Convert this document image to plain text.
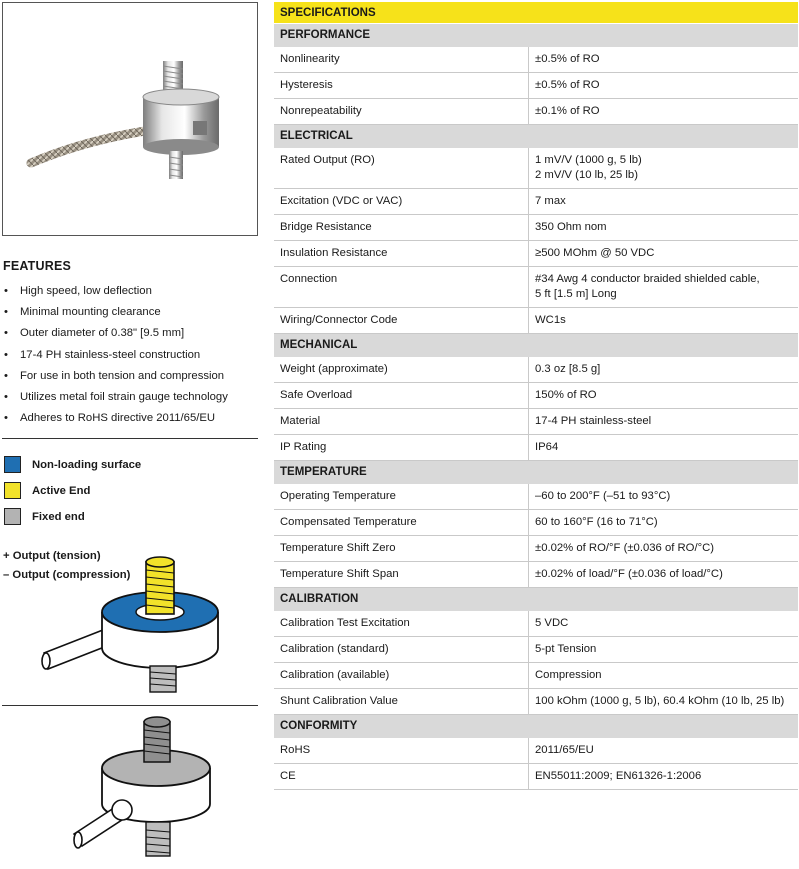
FEATURES
• High speed, low deflection
• Minimal mounting clearance
• Outer diameter of 0.38" [9.5 mm]
• 17-4 PH stainless-steel construction
• For use in both tension and compression
• Utilizes metal foil strain gauge technology
• Adheres to RoHS directive 2011/65/EU
Non-loading surface
Active End
Fixed end
+ Output (tension)
– Output (compression)
SPECIFICATIONS
PERFORMANCE
Nonlinearity	±0.5% of RO
Hysteresis	±0.5% of RO
Nonrepeatability	±0.1% of RO
ELECTRICAL
Rated Output (RO)	1 mV/V (1000 g, 5 lb)
2 mV/V (10 lb, 25 lb)
Excitation (VDC or VAC)	7 max
Bridge Resistance	350 Ohm nom
Insulation Resistance	≥500 MOhm @ 50 VDC
Connection	#34 Awg 4 conductor braided shielded cable,
5 ft [1.5 m] Long
Wiring/Connector Code	WC1s
MECHANICAL
Weight (approximate)	0.3 oz [8.5 g]
Safe Overload	150% of RO
Material	17-4 PH stainless-steel
IP Rating	IP64
TEMPERATURE
Operating Temperature	–60 to 200°F (–51 to 93°C)
Compensated Temperature	60 to 160°F (16 to 71°C)
Temperature Shift Zero	±0.02% of RO/°F (±0.036 of RO/°C)
Temperature Shift Span	±0.02% of load/°F (±0.036 of load/°C)
CALIBRATION
Calibration Test Excitation	5 VDC
Calibration (standard)	5-pt Tension
Calibration (available)	Compression
Shunt Calibration Value	100 kOhm (1000 g, 5 lb), 60.4 kOhm (10 lb, 25 lb)
CONFORMITY
RoHS	2011/65/EU
CE	EN55011:2009; EN61326-1:2006
